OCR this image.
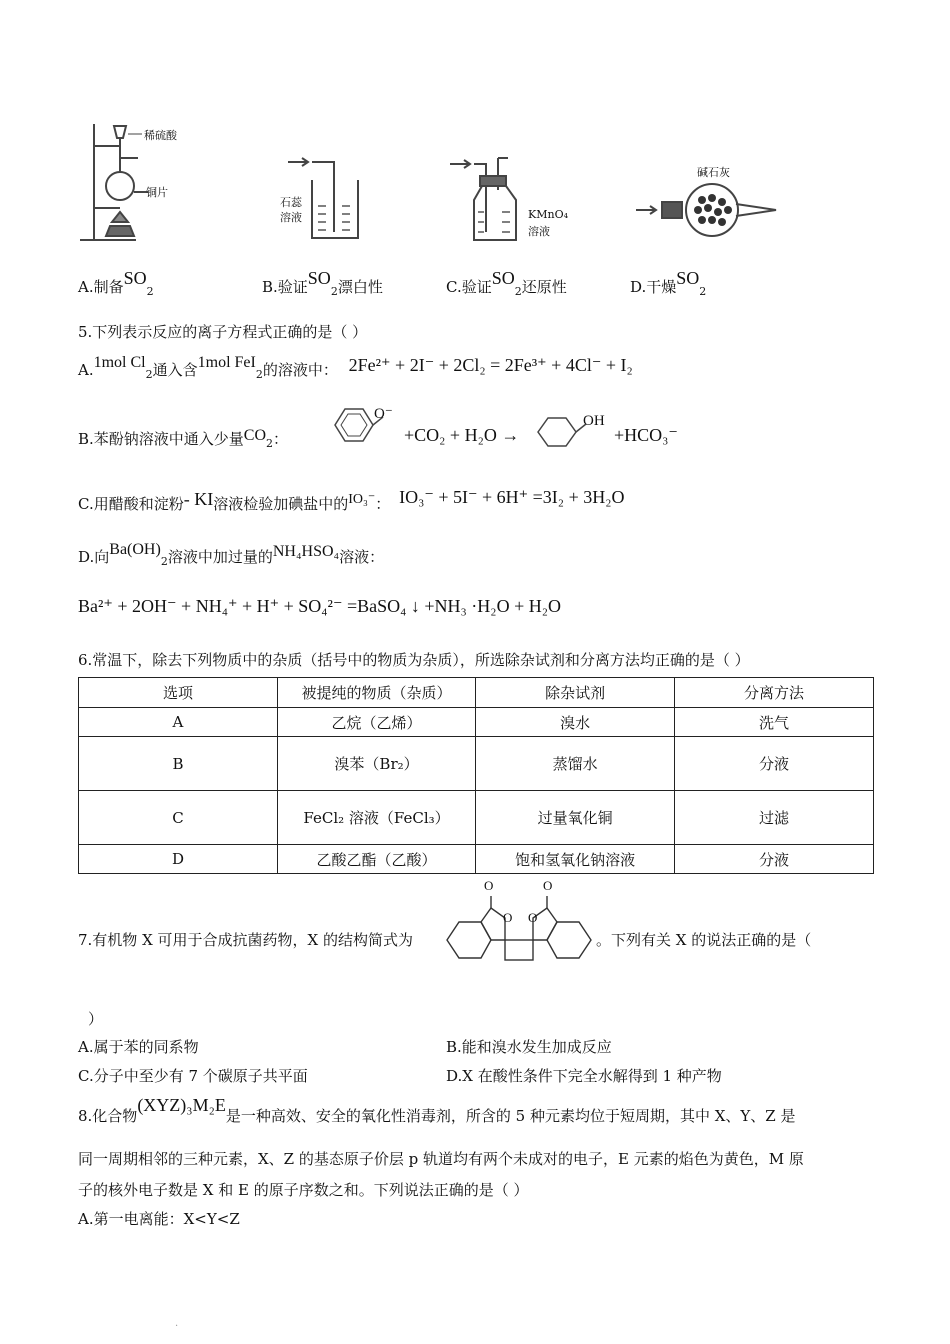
稀硫酸
铜片
石蕊
溶液	KMnO₄
溶液
碱石灰
A.制备$SO_2$	B.验证$SO_2$漂白性	C.验证$SO_2$还原性	D.干燥$SO_2$
5.下列表示反应的离子方程式正确的是（ ）
A.1mol $Cl_2$通入含1mol FeI$_2$的溶液中： 2Fe²⁺ + 2I⁻ + 2Cl₂ = 2Fe³⁺ + 4Cl⁻ + I₂
B.苯酚钠溶液中通入少量$CO_2$：
O⁻
+CO₂ + H₂O →
OH
+HCO₃⁻
C.用醋酸和淀粉- KI溶液检验加碘盐中的IO₃⁻： IO₃⁻ + 5I⁻ + 6H⁺ =3I₂ + 3H₂O
D.向$Ba(OH)_2$溶液中加过量的NH₄HSO₄溶液：
Ba²⁺ + 2OH⁻ + NH₄⁺ + H⁺ + SO₄²⁻ =BaSO₄ ↓ +NH₃ ·H₂O + H₂O
6.常温下，除去下列物质中的杂质（括号中的物质为杂质），所选除杂试剂和分离方法均正确的是（ ）
选项	被提纯的物质（杂质）	除杂试剂	分离方法
A	乙烷（乙烯）	溴水	洗气
B	溴苯（Br₂）	蒸馏水	分液
C	FeCl₂ 溶液（FeCl₃）	过量氧化铜	过滤
D	乙酸乙酯（乙酸）	饱和氢氧化钠溶液	分液
7.有机物 X 可用于合成抗菌药物，X 的结构简式为
O
O
O
O
。下列有关 X 的说法正确的是（
）
A.属于苯的同系物	B.能和溴水发生加成反应
C.分子中至少有 7 个碳原子共平面	D.X 在酸性条件下完全水解得到 1 种产物
8.化合物(XYZ)₃M₂E是一种高效、安全的氧化性消毒剂，所含的 5 种元素均位于短周期，其中 X、Y、Z 是
同一周期相邻的三种元素，X、Z 的基态原子价层 p 轨道均有两个未成对的电子，E 元素的焰色为黄色，M 原
子的核外电子数是 X 和 E 的原子序数之和。下列说法正确的是（ ）
A.第一电离能：X<Y<Z
.
